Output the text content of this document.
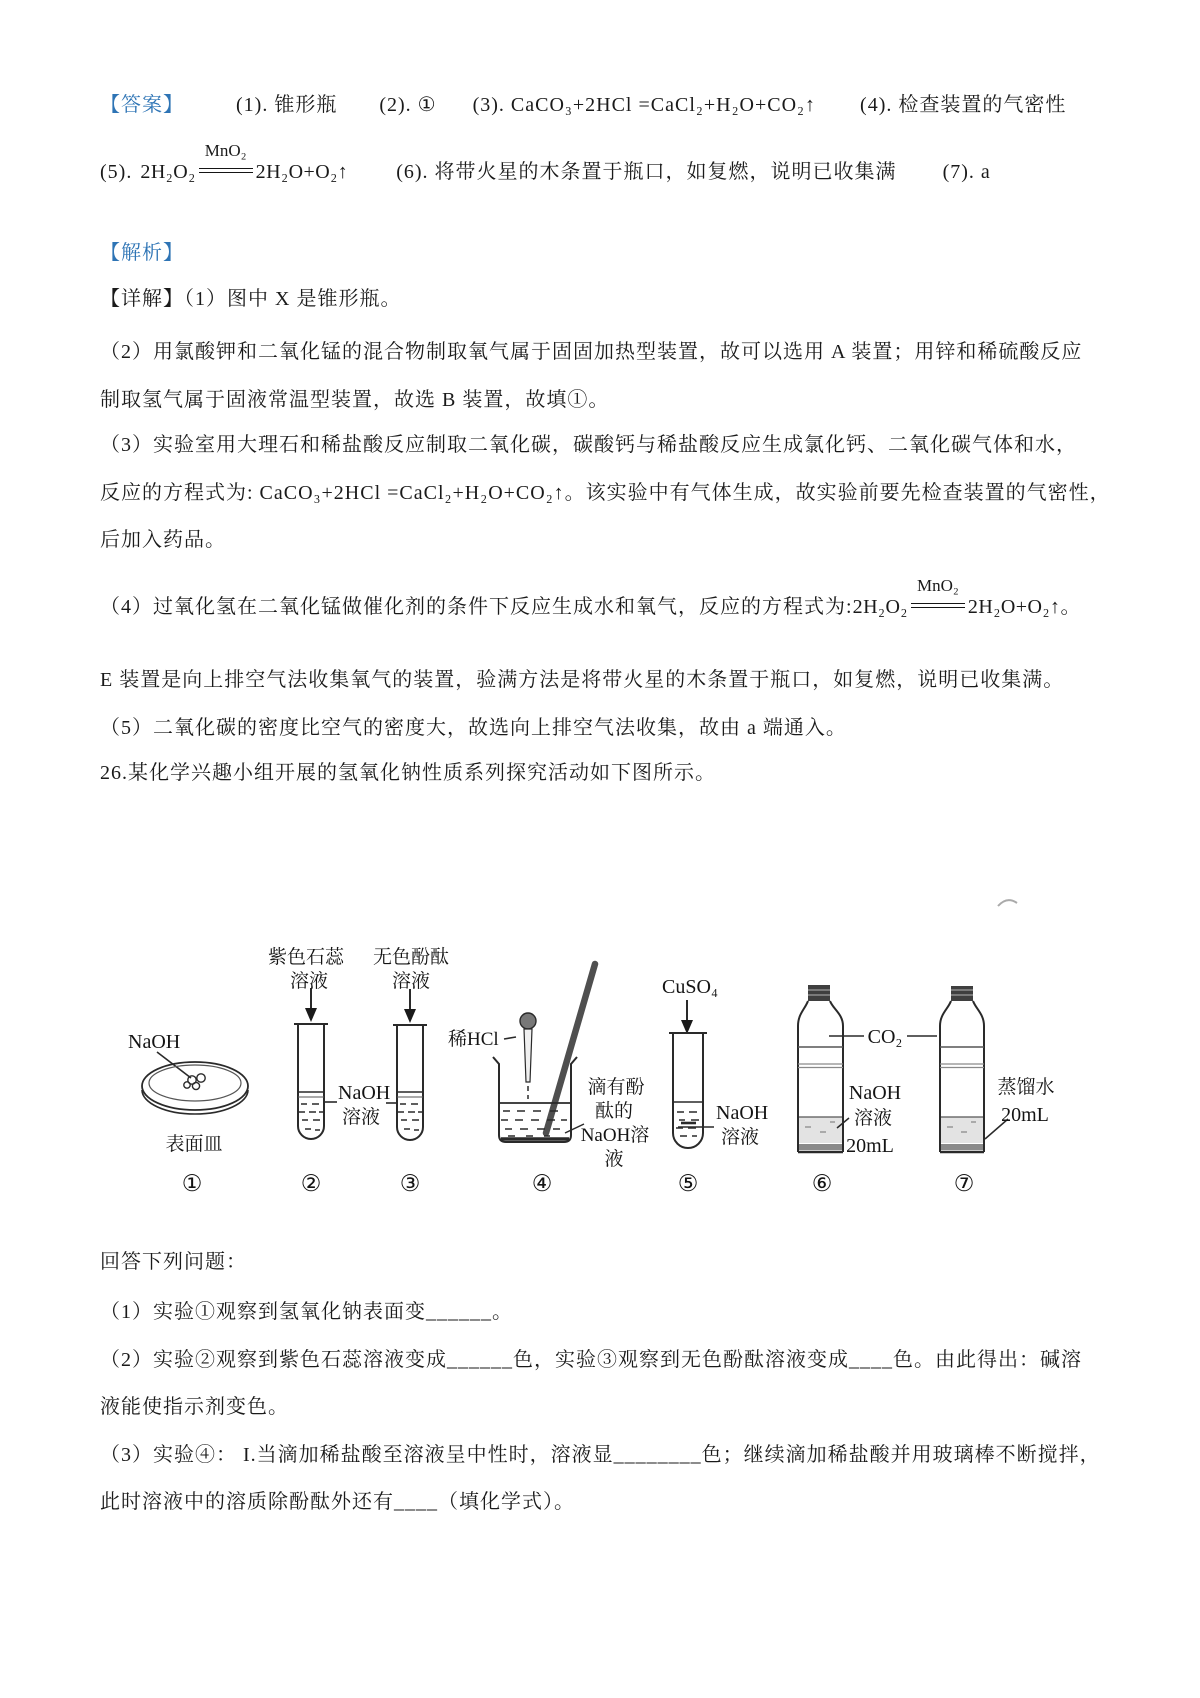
【答案】	(1). 锥形瓶 (2). ① (3). CaCO₃+2HCl =CaCl₂+H₂O+CO₂↑ (4). 检查装置的气密性
(5). 2H₂O₂
MnO₂
2H₂O+O₂↑ (6). 将带火星的木条置于瓶口，如复燃，说明已收集满 (7). a
【解析】
【详解】（1）图中 X 是锥形瓶。
（2）用氯酸钾和二氧化锰的混合物制取氧气属于固固加热型装置，故可以选用 A 装置；用锌和稀硫酸反应
制取氢气属于固液常温型装置，故选 B 装置，故填①。
（3）实验室用大理石和稀盐酸反应制取二氧化碳，碳酸钙与稀盐酸反应生成氯化钙、二氧化碳气体和水，
反应的方程式为: CaCO₃+2HCl =CaCl₂+H₂O+CO₂↑。该实验中有气体生成，故实验前要先检查装置的气密性，
后加入药品。
（4）过氧化氢在二氧化锰做催化剂的条件下反应生成水和氧气，反应的方程式为: 2H₂O₂
MnO₂
2H₂O+O₂↑ 。
E 装置是向上排空气法收集氧气的装置，验满方法是将带火星的木条置于瓶口，如复燃，说明已收集满。
（5）二氧化碳的密度比空气的密度大，故选向上排空气法收集，故由 a 端通入。
26.某化学兴趣小组开展的氢氧化钠性质系列探究活动如下图所示。
NaOH
表面皿
紫色石蕊
溶液
无色酚酞
溶液
NaOH
溶液
稀HCl
滴有酚
酞的
NaOH溶
液
CuSO₄
NaOH
溶液
CO₂
NaOH
溶液
20mL
蒸馏水
20mL
①	②	③	④	⑤	⑥	⑦
回答下列问题：
（1）实验①观察到氢氧化钠表面变______。
（2）实验②观察到紫色石蕊溶液变成______色，实验③观察到无色酚酞溶液变成____色。由此得出：碱溶
液能使指示剂变色。
（3）实验④： I.当滴加稀盐酸至溶液呈中性时，溶液显________色；继续滴加稀盐酸并用玻璃棒不断搅拌，
此时溶液中的溶质除酚酞外还有____（填化学式）。
